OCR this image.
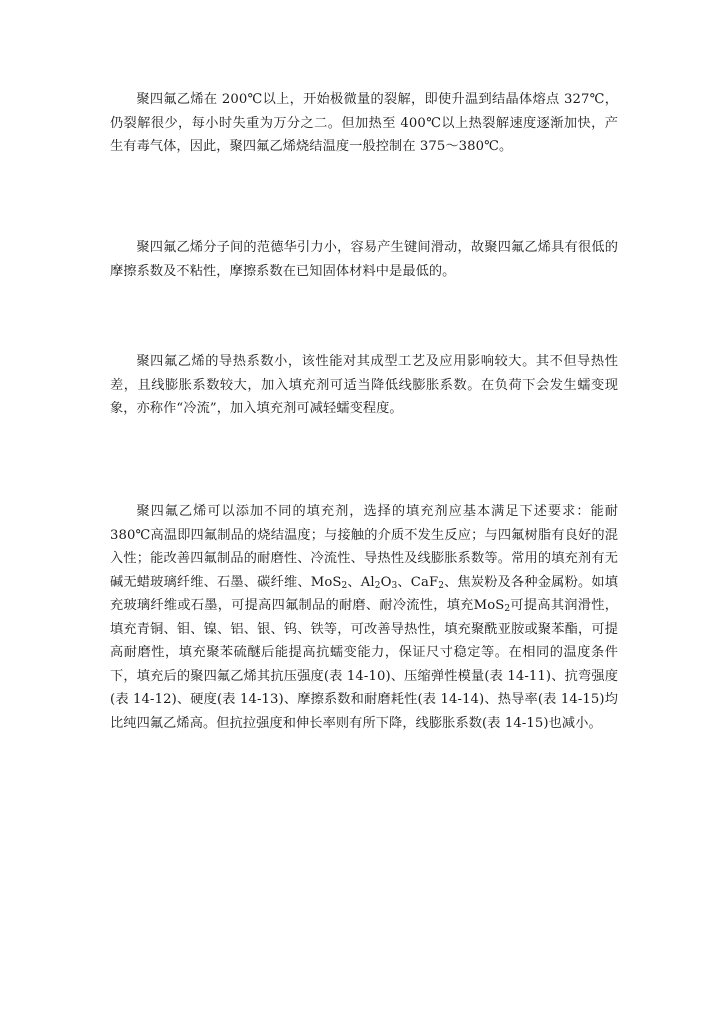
聚四氟乙烯在 200℃以上，开始极微量的裂解，即使升温到结晶体熔点 327℃，仍裂解很少，每小时失重为万分之二。但加热至 400℃以上热裂解速度逐渐加快，产生有毒气体，因此，聚四氟乙烯烧结温度一般控制在 375～380℃。

聚四氟乙烯分子间的范德华引力小，容易产生键间滑动，故聚四氟乙烯具有很低的摩擦系数及不粘性，摩擦系数在已知固体材料中是最低的。

聚四氟乙烯的导热系数小，该性能对其成型工艺及应用影响较大。其不但导热性差，且线膨胀系数较大，加入填充剂可适当降低线膨胀系数。在负荷下会发生蠕变现象，亦称作“冷流”，加入填充剂可减轻蠕变程度。

聚四氟乙烯可以添加不同的填充剂，选择的填充剂应基本满足下述要求：能耐 380℃高温即四氟制品的烧结温度；与接触的介质不发生反应；与四氟树脂有良好的混入性；能改善四氟制品的耐磨性、冷流性、导热性及线膨胀系数等。常用的填充剂有无碱无蜡玻璃纤维、石墨、碳纤维、MoS$_2$、$Al_2O_3$、CaF$_2$、焦炭粉及各种金属粉。如填充玻璃纤维或石墨，可提高四氟制品的耐磨、耐冷流性，填充MoS$_2$可提高其润滑性，填充青铜、钼、镍、铝、银、钨、铁等，可改善导热性，填充聚酰亚胺或聚苯酯，可提高耐磨性，填充聚苯硫醚后能提高抗蠕变能力，保证尺寸稳定等。在相同的温度条件下，填充后的聚四氟乙烯其抗压强度(表 14-10)、压缩弹性模量(表 14-11)、抗弯强度(表 14-12)、硬度(表 14-13)、摩擦系数和耐磨耗性(表 14-14)、热导率(表 14-15)均比纯四氟乙烯高。但抗拉强度和伸长率则有所下降，线膨胀系数(表 14-15)也减小。
